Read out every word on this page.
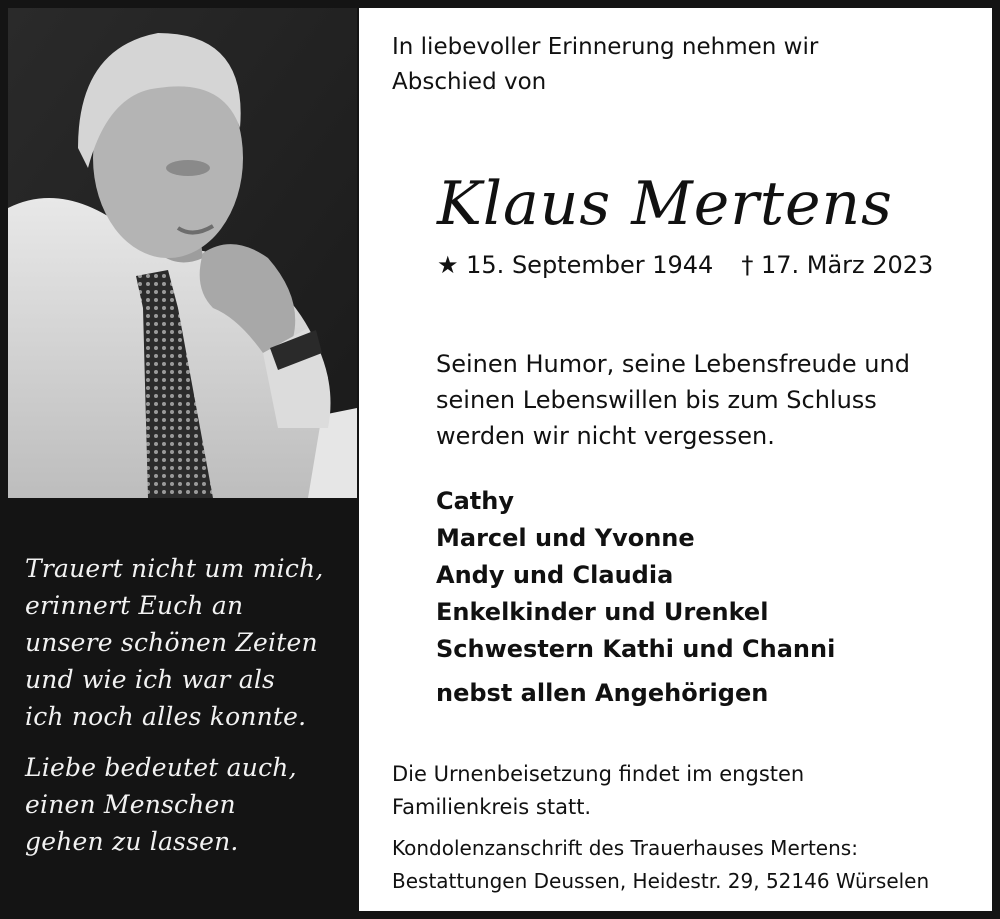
Trauert nicht um mich,
erinnert Euch an
unsere schönen Zeiten
und wie ich war als
ich noch alles konnte.

Liebe bedeutet auch,
einen Menschen
gehen zu lassen.

In liebevoller Erinnerung nehmen wir
Abschied von
Klaus Mertens
★ 15. September 1944 † 17. März 2023
Seinen Humor, seine Lebensfreude und
seinen Lebenswillen bis zum Schluss
werden wir nicht vergessen.
Cathy
Marcel und Yvonne
Andy und Claudia
Enkelkinder und Urenkel
Schwestern Kathi und Channi
nebst allen Angehörigen
Die Urnenbeisetzung findet im engsten
Familienkreis statt.
Kondolenzanschrift des Trauerhauses Mertens:
Bestattungen Deussen, Heidestr. 29, 52146 Würselen
